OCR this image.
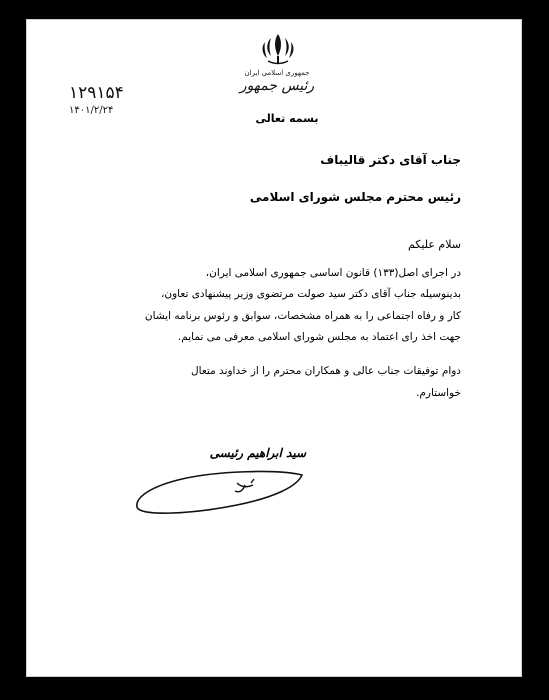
جمهوری اسلامی ایران
رئیس جمهور
۱۲۹۱۵۴
۱۴۰۱/۲/۲۴
بسمه تعالی
جناب آقای دکتر قالیباف
رئیس محترم مجلس شورای اسلامی
سلام علیکم
در اجرای اصل(۱۳۳) قانون اساسی جمهوری اسلامی ایران،
بدینوسیله جناب آقای دکتر سید صولت مرتضوی وزیر پیشنهادی تعاون،
کار و رفاه اجتماعی را به همراه مشخصات، سوابق و رئوس برنامه ایشان
جهت اخذ رای اعتماد به مجلس شورای اسلامی معرفی می نمایم.
دوام توفیقات جناب عالی و همکاران محترم را از خداوند متعال
خواستارم.
سید ابراهیم رئیسی
